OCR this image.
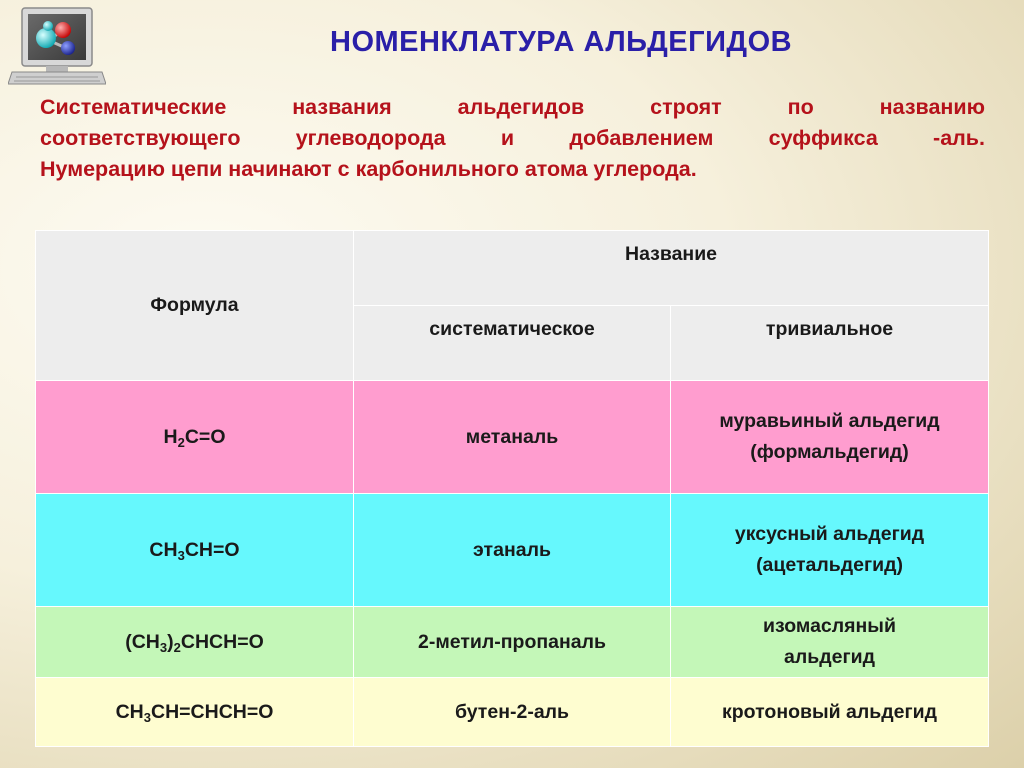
НОМЕНКЛАТУРА АЛЬДЕГИДОВ
Систематические названия альдегидов строят по названию
соответствующего углеводорода и добавлением суффикса -аль.
Нумерацию цепи начинают с карбонильного атома углерода.
Формула	Название	
	систематическое	тривиальное
$H_2C=O$	метаналь	муравьиный альдегид
(формальдегид)

$CH_3CH=O$	этаналь	уксусный альдегид
(ацетальдегид)

$(CH_3)_2CHCH=O$	2-метил-пропаналь	изомасляный
альдегид

$CH_3CH=CHCH=O$	бутен-2-аль	кротоновый альдегид
